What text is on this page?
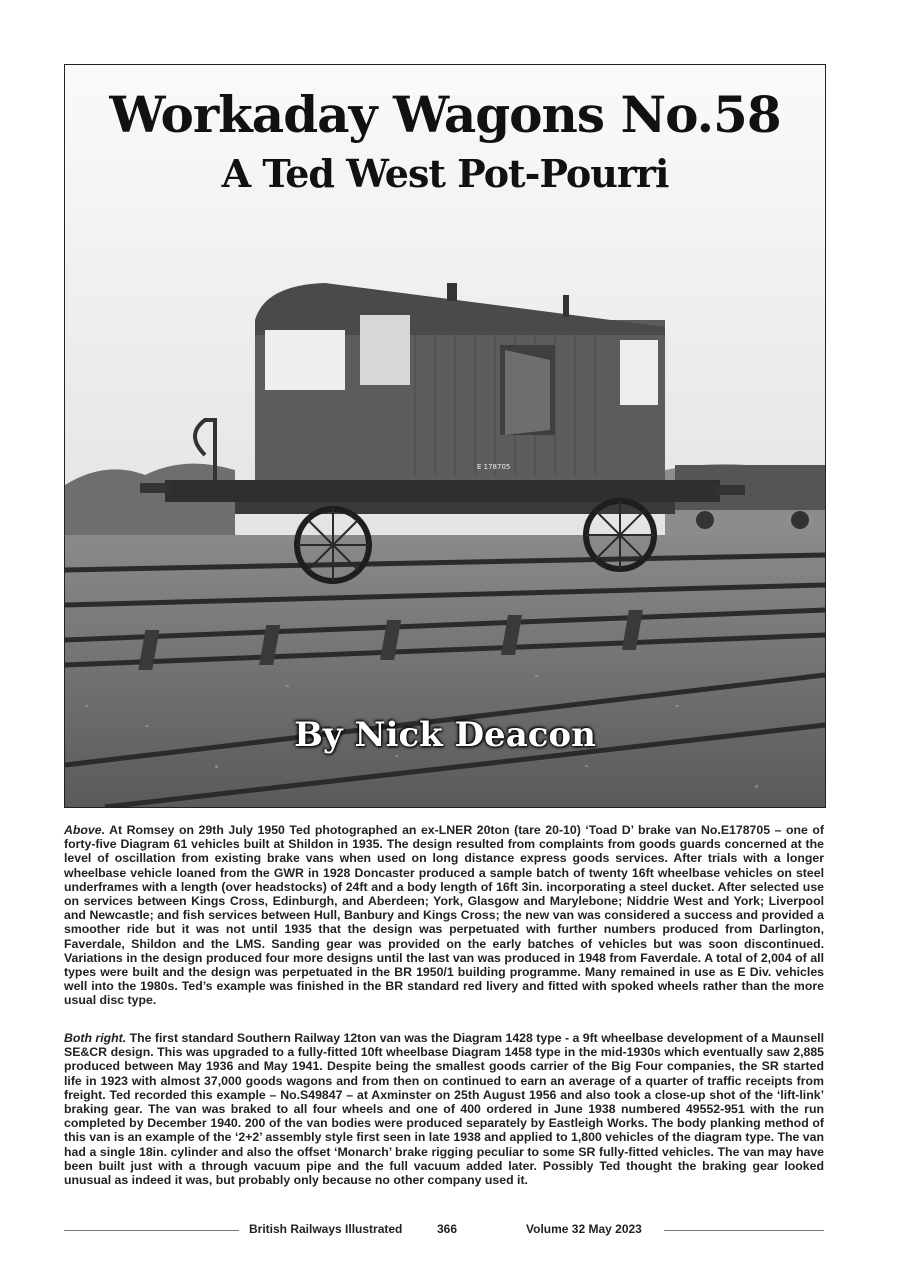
E 178705
Workaday Wagons No.58
A Ted West Pot-Pourri
By Nick Deacon

Above. At Romsey on 29th July 1950 Ted photographed an ex-LNER 20ton (tare 20-10) ‘Toad D’ brake van No.E178705 – one of forty-five Diagram 61 vehicles built at Shildon in 1935. The design resulted from complaints from goods guards concerned at the level of oscillation from existing brake vans when used on long distance express goods services. After trials with a longer wheelbase vehicle loaned from the GWR in 1928 Doncaster produced a sample batch of twenty 16ft wheelbase vehicles on steel underframes with a length (over headstocks) of 24ft and a body length of 16ft 3in. incorporating a steel ducket. After selected use on services between Kings Cross, Edinburgh, and Aberdeen; York, Glasgow and Marylebone; Niddrie West and York; Liverpool and Newcastle; and fish services between Hull, Banbury and Kings Cross; the new van was considered a success and provided a smoother ride but it was not until 1935 that the design was perpetuated with further numbers produced from Darlington, Faverdale, Shildon and the LMS. Sanding gear was provided on the early batches of vehicles but was soon discontinued. Variations in the design produced four more designs until the last van was produced in 1948 from Faverdale. A total of 2,004 of all types were built and the design was perpetuated in the BR 1950/1 building programme. Many remained in use as E Div. vehicles well into the 1980s. Ted’s example was finished in the BR standard red livery and fitted with spoked wheels rather than the more usual disc type.

Both right. The first standard Southern Railway 12ton van was the Diagram 1428 type - a 9ft wheelbase development of a Maunsell SE&CR design. This was upgraded to a fully-fitted 10ft wheelbase Diagram 1458 type in the mid-1930s which eventually saw 2,885 produced between May 1936 and May 1941. Despite being the smallest goods carrier of the Big Four companies, the SR started life in 1923 with almost 37,000 goods wagons and from then on continued to earn an average of a quarter of traffic receipts from freight. Ted recorded this example – No.S49847 – at Axminster on 25th August 1956 and also took a close-up shot of the ‘lift-link’ braking gear. The van was braked to all four wheels and one of 400 ordered in June 1938 numbered 49552-951 with the run completed by December 1940. 200 of the van bodies were produced separately by Eastleigh Works. The body planking method of this van is an example of the ‘2+2’ assembly style first seen in late 1938 and applied to 1,800 vehicles of the diagram type. The van had a single 18in. cylinder and also the offset ‘Monarch’ brake rigging peculiar to some SR fully-fitted vehicles. The van may have been built just with a through vacuum pipe and the full vacuum added later. Possibly Ted thought the braking gear looked unusual as indeed it was, but probably only because no other company used it.

British Railways Illustrated	366	Volume 32 May 2023
